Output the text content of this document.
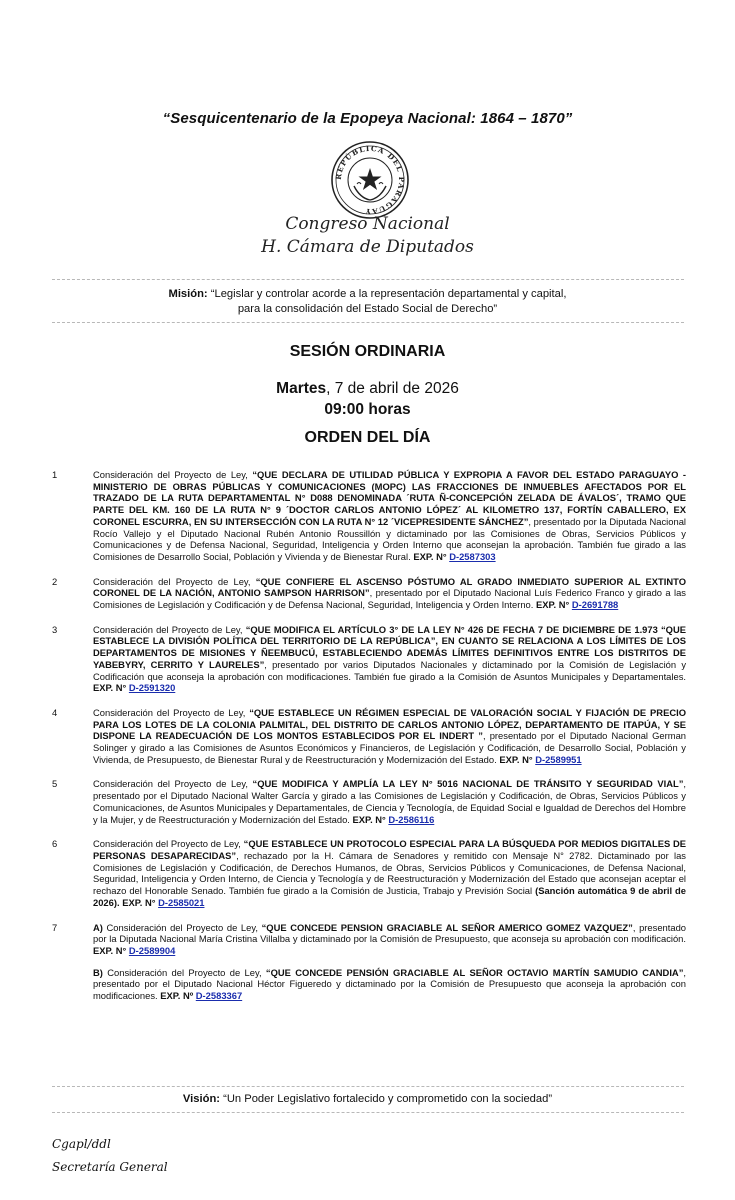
“Sesquicentenario de la Epopeya Nacional: 1864 – 1870”
REPÚBLICA DEL PARAGUAY
Congreso Nacional
H. Cámara de Diputados
Misión: “Legislar y controlar acorde a la representación departamental y capital,
para la consolidación del Estado Social de Derecho”
SESIÓN ORDINARIA
Martes, 7 de abril de 2026
09:00 horas
ORDEN DEL DÍA
1	Consideración del Proyecto de Ley, “QUE DECLARA DE UTILIDAD PÚBLICA Y EXPROPIA A FAVOR DEL ESTADO PARAGUAYO - MINISTERIO DE OBRAS PÚBLICAS Y COMUNICACIONES (MOPC) LAS FRACCIONES DE INMUEBLES AFECTADOS POR EL TRAZADO DE LA RUTA DEPARTAMENTAL N° D088 DENOMINADA ´RUTA Ñ-CONCEPCIÓN ZELADA DE ÁVALOS´, TRAMO QUE PARTE DEL KM. 160 DE LA RUTA N° 9 ´DOCTOR CARLOS ANTONIO LÓPEZ´ AL KILOMETRO 137, FORTÍN CABALLERO, EX CORONEL ESCURRA, EN SU INTERSECCIÓN CON LA RUTA N° 12 ´VICEPRESIDENTE SÁNCHEZ”, presentado por la Diputada Nacional Rocío Vallejo y el Diputado Nacional Rubén Antonio Roussillón y dictaminado por las Comisiones de Obras, Servicios Públicos y Comunicaciones y de Defensa Nacional, Seguridad, Inteligencia y Orden Interno que aconsejan la aprobación. También fue girado a las Comisiones de Desarrollo Social, Población y Vivienda y de Bienestar Rural. EXP. N° D-2587303
2	Consideración del Proyecto de Ley, “QUE CONFIERE EL ASCENSO PÓSTUMO AL GRADO INMEDIATO SUPERIOR AL EXTINTO CORONEL DE LA NACIÓN, ANTONIO SAMPSON HARRISON”, presentado por el Diputado Nacional Luís Federico Franco y girado a las Comisiones de Legislación y Codificación y de Defensa Nacional, Seguridad, Inteligencia y Orden Interno. EXP. N° D-2691788
3	Consideración del Proyecto de Ley, “QUE MODIFICA EL ARTÍCULO 3° DE LA LEY N° 426 DE FECHA 7 DE DICIEMBRE DE 1.973 “QUE ESTABLECE LA DIVISIÓN POLÍTICA DEL TERRITORIO DE LA REPÚBLICA”, EN CUANTO SE RELACIONA A LOS LÍMITES DE LOS DEPARTAMENTOS DE MISIONES Y ÑEEMBUCÚ, ESTABLECIENDO ADEMÁS LÍMITES DEFINITIVOS ENTRE LOS DISTRITOS DE YABEBYRY, CERRITO Y LAURELES”, presentado por varios Diputados Nacionales y dictaminado por la Comisión de Legislación y Codificación que aconseja la aprobación con modificaciones. También fue girado a la Comisión de Asuntos Municipales y Departamentales. EXP. N° D-2591320
4	Consideración del Proyecto de Ley, “QUE ESTABLECE UN RÉGIMEN ESPECIAL DE VALORACIÓN SOCIAL Y FIJACIÓN DE PRECIO PARA LOS LOTES DE LA COLONIA PALMITAL, DEL DISTRITO DE CARLOS ANTONIO LÓPEZ, DEPARTAMENTO DE ITAPÚA, Y SE DISPONE LA READECUACIÓN DE LOS MONTOS ESTABLECIDOS POR EL INDERT ”, presentado por el Diputado Nacional German Solinger y girado a las Comisiones de Asuntos Económicos y Financieros, de Legislación y Codificación, de Desarrollo Social, Población y Vivienda, de Presupuesto, de Bienestar Rural y de Reestructuración y Modernización del Estado. EXP. N° D-2589951
5	Consideración del Proyecto de Ley, “QUE MODIFICA Y AMPLÍA LA LEY N° 5016 NACIONAL DE TRÁNSITO Y SEGURIDAD VIAL”, presentado por el Diputado Nacional Walter García y girado a las Comisiones de Legislación y Codificación, de Obras, Servicios Públicos y Comunicaciones, de Asuntos Municipales y Departamentales, de Ciencia y Tecnología, de Equidad Social e Igualdad de Derechos del Hombre y la Mujer, y de Reestructuración y Modernización del Estado. EXP. N° D-2586116
6	Consideración del Proyecto de Ley, “QUE ESTABLECE UN PROTOCOLO ESPECIAL PARA LA BÚSQUEDA POR MEDIOS DIGITALES DE PERSONAS DESAPARECIDAS”, rechazado por la H. Cámara de Senadores y remitido con Mensaje N° 2782. Dictaminado por las Comisiones de Legislación y Codificación, de Derechos Humanos, de Obras, Servicios Públicos y Comunicaciones, de Defensa Nacional, Seguridad, Inteligencia y Orden Interno, de Ciencia y Tecnología y de Reestructuración y Modernización del Estado que aconsejan aceptar el rechazo del Honorable Senado. También fue girado a la Comisión de Justicia, Trabajo y Previsión Social (Sanción automática 9 de abril de 2026). EXP. N° D-2585021
7	A) Consideración del Proyecto de Ley, “QUE CONCEDE PENSION GRACIABLE AL SEÑOR AMERICO GOMEZ VAZQUEZ”, presentado por la Diputada Nacional María Cristina Villalba y dictaminado por la Comisión de Presupuesto, que aconseja su aprobación con modificación. EXP. N° D-2589904
B) Consideración del Proyecto de Ley, “QUE CONCEDE PENSIÓN GRACIABLE AL SEÑOR OCTAVIO MARTÍN SAMUDIO CANDIA”, presentado por el Diputado Nacional Héctor Figueredo y dictaminado por la Comisión de Presupuesto que aconseja la aprobación con modificaciones. EXP. Nº D-2583367
Visión: “Un Poder Legislativo fortalecido y comprometido con la sociedad”
Cgapl/ddl
Secretaría General
